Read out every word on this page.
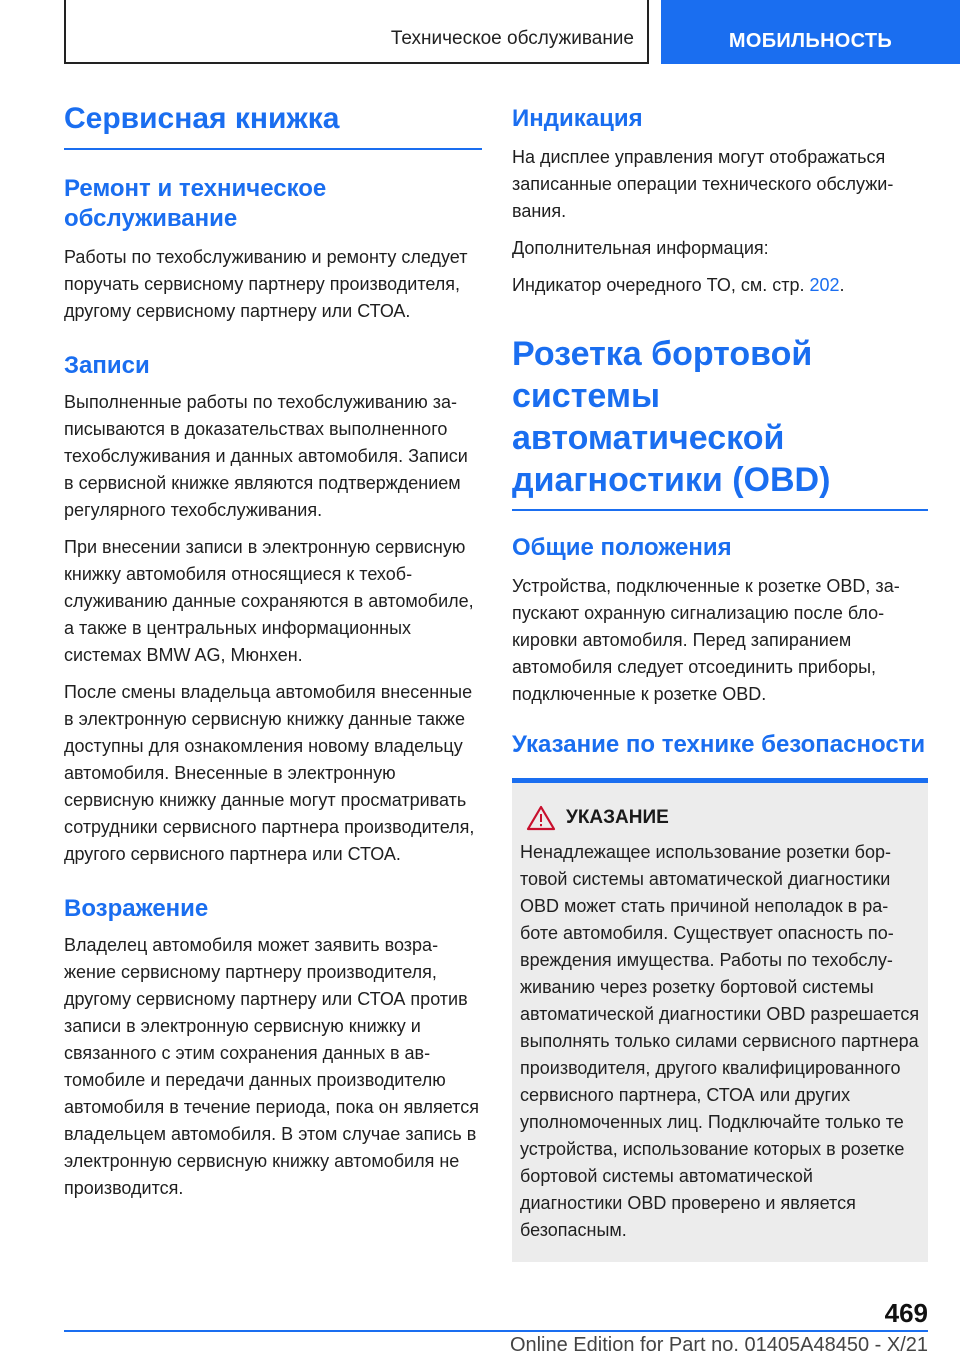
Техническое обслуживание	МОБИЛЬНОСТЬ
Сервисная книжка
Ремонт и техническое обслуживание

Работы по техобслуживанию и ремонту следует поручать сервисному партнеру производителя, другому сервисному партнеру или СТОА.

Записи

Выполненные работы по техобслуживанию записываются в доказательствах выполненного техобслуживания и данных автомобиля. Записи в сервисной книжке являются подтверждением регулярного техобслуживания.

При внесении записи в электронную сервисную книжку автомобиля относящиеся к техобслуживанию данные сохраняются в автомобиле, а также в центральных информационных системах BMW AG, Мюнхен.

После смены владельца автомобиля внесенные в электронную сервисную книжку данные также доступны для ознакомления новому владельцу автомобиля. Внесенные в электронную сервисную книжку данные могут просматривать сотрудники сервисного партнера производителя, другого сервисного партнера или СТОА.

Возражение

Владелец автомобиля может заявить возражение сервисному партнеру производителя, другому сервисному партнеру или СТОА против записи в электронную сервисную книжку и связанного с этим сохранения данных в автомобиле и передачи данных производителю автомобиля в течение периода, пока он является владельцем автомобиля. В этом случае запись в электронную сервисную книжку автомобиля не производится.

Индикация

На дисплее управления могут отображаться записанные операции технического обслуживания.

Дополнительная информация:

Индикатор очередного ТО, см. стр. 202.

Розетка бортовой системы автоматической диагностики (OBD)
Общие положения

Устройства, подключенные к розетке OBD, запускают охранную сигнализацию после блокировки автомобиля. Перед запиранием автомобиля следует отсоединить приборы, подключенные к розетке OBD.

Указание по технике безопасности
УКАЗАНИЕ

Ненадлежащее использование розетки бортовой системы автоматической диагностики OBD может стать причиной неполадок в работе автомобиля. Существует опасность повреждения имущества. Работы по техобслуживанию через розетку бортовой системы автоматической диагностики OBD разрешается выполнять только силами сервисного партнера производителя, другого квалифицированного сервисного партнера, СТОА или других уполномоченных лиц. Подключайте только те устройства, использование которых в розетке бортовой системы автоматической диагностики OBD проверено и является безопасным.

469
Online Edition for Part no. 01405A48450 - X/21
